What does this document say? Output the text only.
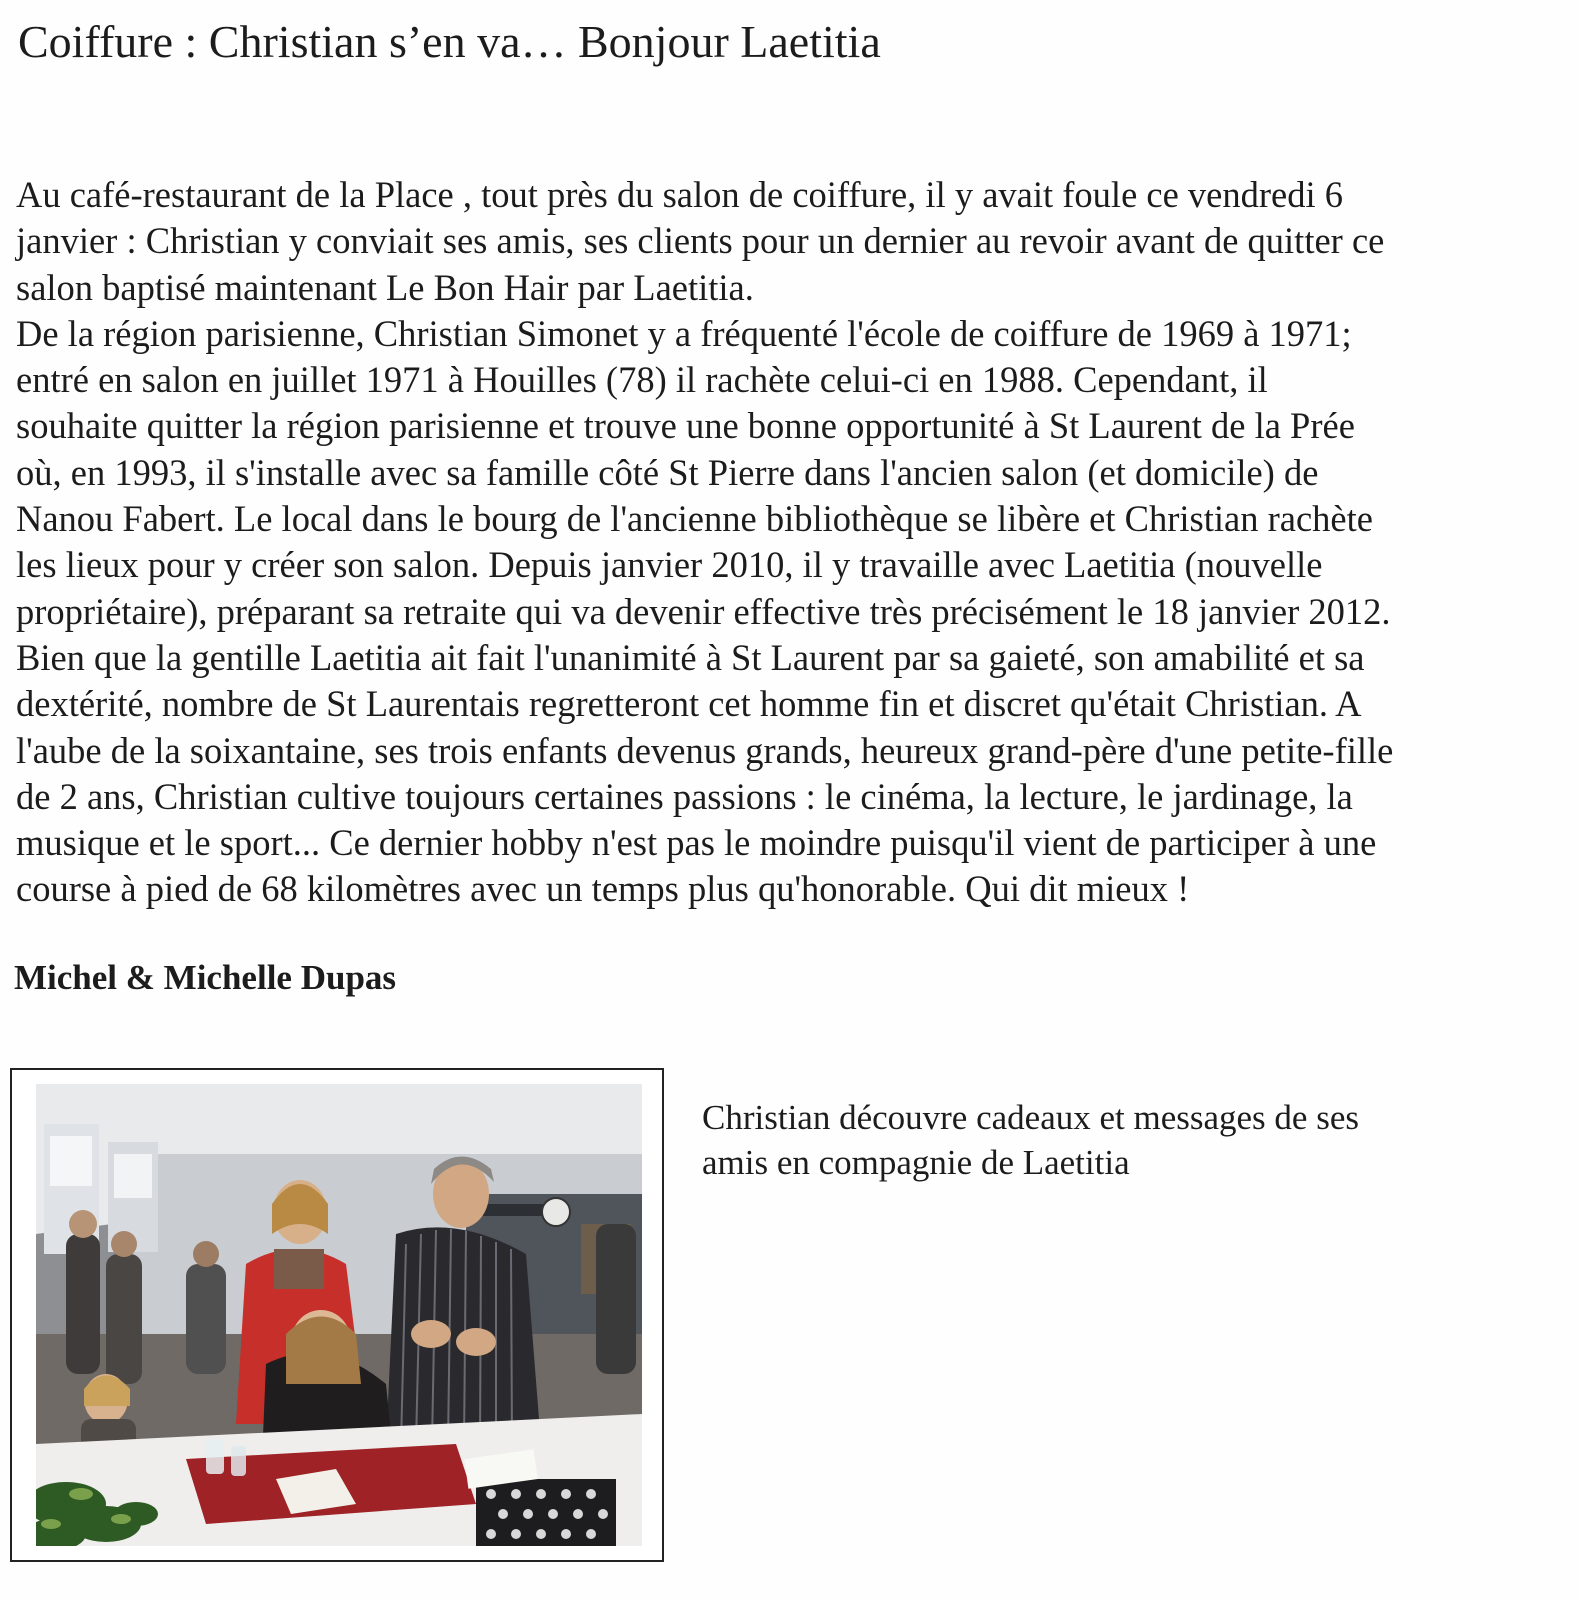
Coiffure : Christian s’en va… Bonjour Laetitia
Au café-restaurant de la Place , tout près du salon de coiffure, il y avait foule ce vendredi 6
janvier : Christian y conviait ses amis, ses clients pour un dernier au revoir avant de quitter ce
salon baptisé maintenant Le Bon Hair par Laetitia.
De la région parisienne, Christian Simonet y a fréquenté l'école de coiffure de 1969 à 1971;
entré en salon en juillet 1971 à Houilles (78) il rachète celui-ci en 1988. Cependant, il
souhaite quitter la région parisienne et trouve une bonne opportunité à St Laurent de la Prée
où, en 1993, il s'installe avec sa famille côté St Pierre dans l'ancien salon (et domicile) de
Nanou Fabert. Le local dans le bourg de l'ancienne bibliothèque se libère et Christian rachète
les lieux pour y créer son salon. Depuis janvier 2010, il y travaille avec Laetitia (nouvelle
propriétaire), préparant sa retraite qui va devenir effective très précisément le 18 janvier 2012.
Bien que la gentille Laetitia ait fait l'unanimité à St Laurent par sa gaieté, son amabilité et sa
dextérité, nombre de St Laurentais regretteront cet homme fin et discret qu'était Christian. A
l'aube de la soixantaine, ses trois enfants devenus grands, heureux grand-père d'une petite-fille
de 2 ans, Christian cultive toujours certaines passions : le cinéma, la lecture, le jardinage, la
musique et le sport... Ce dernier hobby n'est pas le moindre puisqu'il vient de participer à une
course à pied de 68 kilomètres avec un temps plus qu'honorable. Qui dit mieux !

Michel & Michelle Dupas

Christian découvre cadeaux et messages de ses
amis en compagnie de Laetitia
